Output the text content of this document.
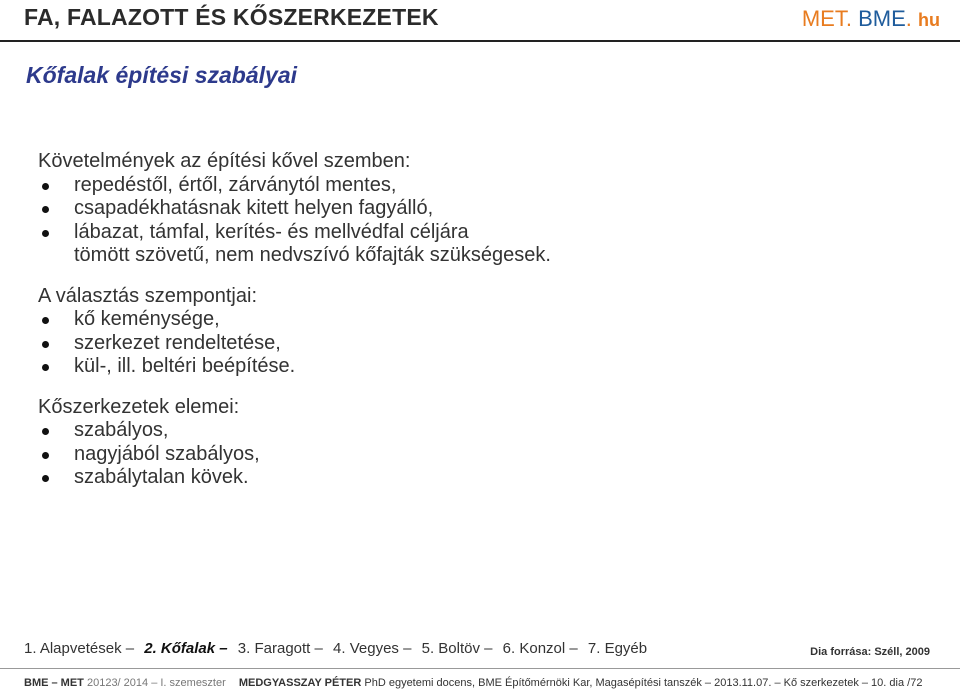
FA, FALAZOTT ÉS KŐSZERKEZETEK	MET. BME. hu
Kőfalak építési szabályai

Követelmények az építési kővel szemben:

repedéstől, értől, zárványtól mentes,
csapadékhatásnak kitett helyen fagyálló,
lábazat, támfal, kerítés- és mellvédfal céljára
tömött szövetű, nem nedvszívó kőfajták szükségesek.

A választás szempontjai:

kő keménysége,
szerkezet rendeltetése,
kül-, ill. beltéri beépítése.

Kőszerkezetek elemei:

szabályos,
nagyjából szabályos,
szabálytalan kövek.
1. Alapvetések – 2. Kőfalak – 3. Faragott – 4. Vegyes – 5. Boltöv – 6. Konzol – 7. Egyéb	Dia forrása: Széll, 2009
BME – MET 20123/ 2014 – I. szemeszter MEDGYASSZAY PÉTER PhD egyetemi docens, BME Építőmérnöki Kar, Magasépítési tanszék – 2013.11.07. – Kő szerkezetek – 10. dia /72
